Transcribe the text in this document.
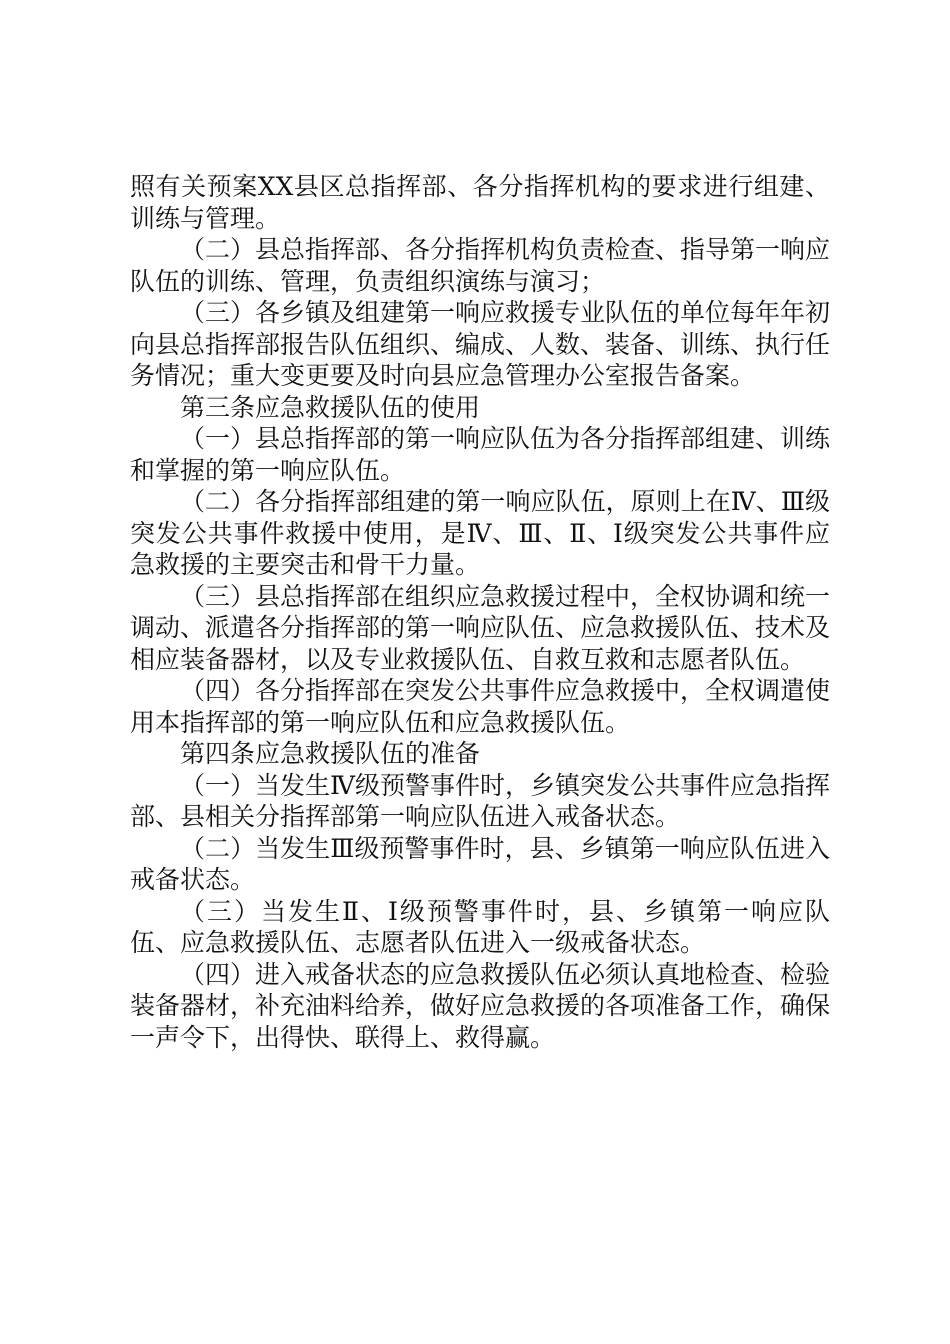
照有关预案XX县区总指挥部、各分指挥机构的要求进行组建、训练与管理。

（二）县总指挥部、各分指挥机构负责检查、指导第一响应队伍的训练、管理，负责组织演练与演习；

（三）各乡镇及组建第一响应救援专业队伍的单位每年年初向县总指挥部报告队伍组织、编成、人数、装备、训练、执行任务情况；重大变更要及时向县应急管理办公室报告备案。

第三条应急救援队伍的使用

（一）县总指挥部的第一响应队伍为各分指挥部组建、训练和掌握的第一响应队伍。

（二）各分指挥部组建的第一响应队伍，原则上在Ⅳ、Ⅲ级突发公共事件救援中使用，是Ⅳ、Ⅲ、Ⅱ、Ⅰ级突发公共事件应急救援的主要突击和骨干力量。

（三）县总指挥部在组织应急救援过程中，全权协调和统一调动、派遣各分指挥部的第一响应队伍、应急救援队伍、技术及相应装备器材，以及专业救援队伍、自救互救和志愿者队伍。

（四）各分指挥部在突发公共事件应急救援中，全权调遣使用本指挥部的第一响应队伍和应急救援队伍。

第四条应急救援队伍的准备

（一）当发生Ⅳ级预警事件时，乡镇突发公共事件应急指挥部、县相关分指挥部第一响应队伍进入戒备状态。

（二）当发生Ⅲ级预警事件时，县、乡镇第一响应队伍进入戒备状态。

（三）当发生Ⅱ、Ⅰ级预警事件时，县、乡镇第一响应队伍、应急救援队伍、志愿者队伍进入一级戒备状态。

（四）进入戒备状态的应急救援队伍必须认真地检查、检验装备器材，补充油料给养，做好应急救援的各项准备工作，确保一声令下，出得快、联得上、救得赢。
